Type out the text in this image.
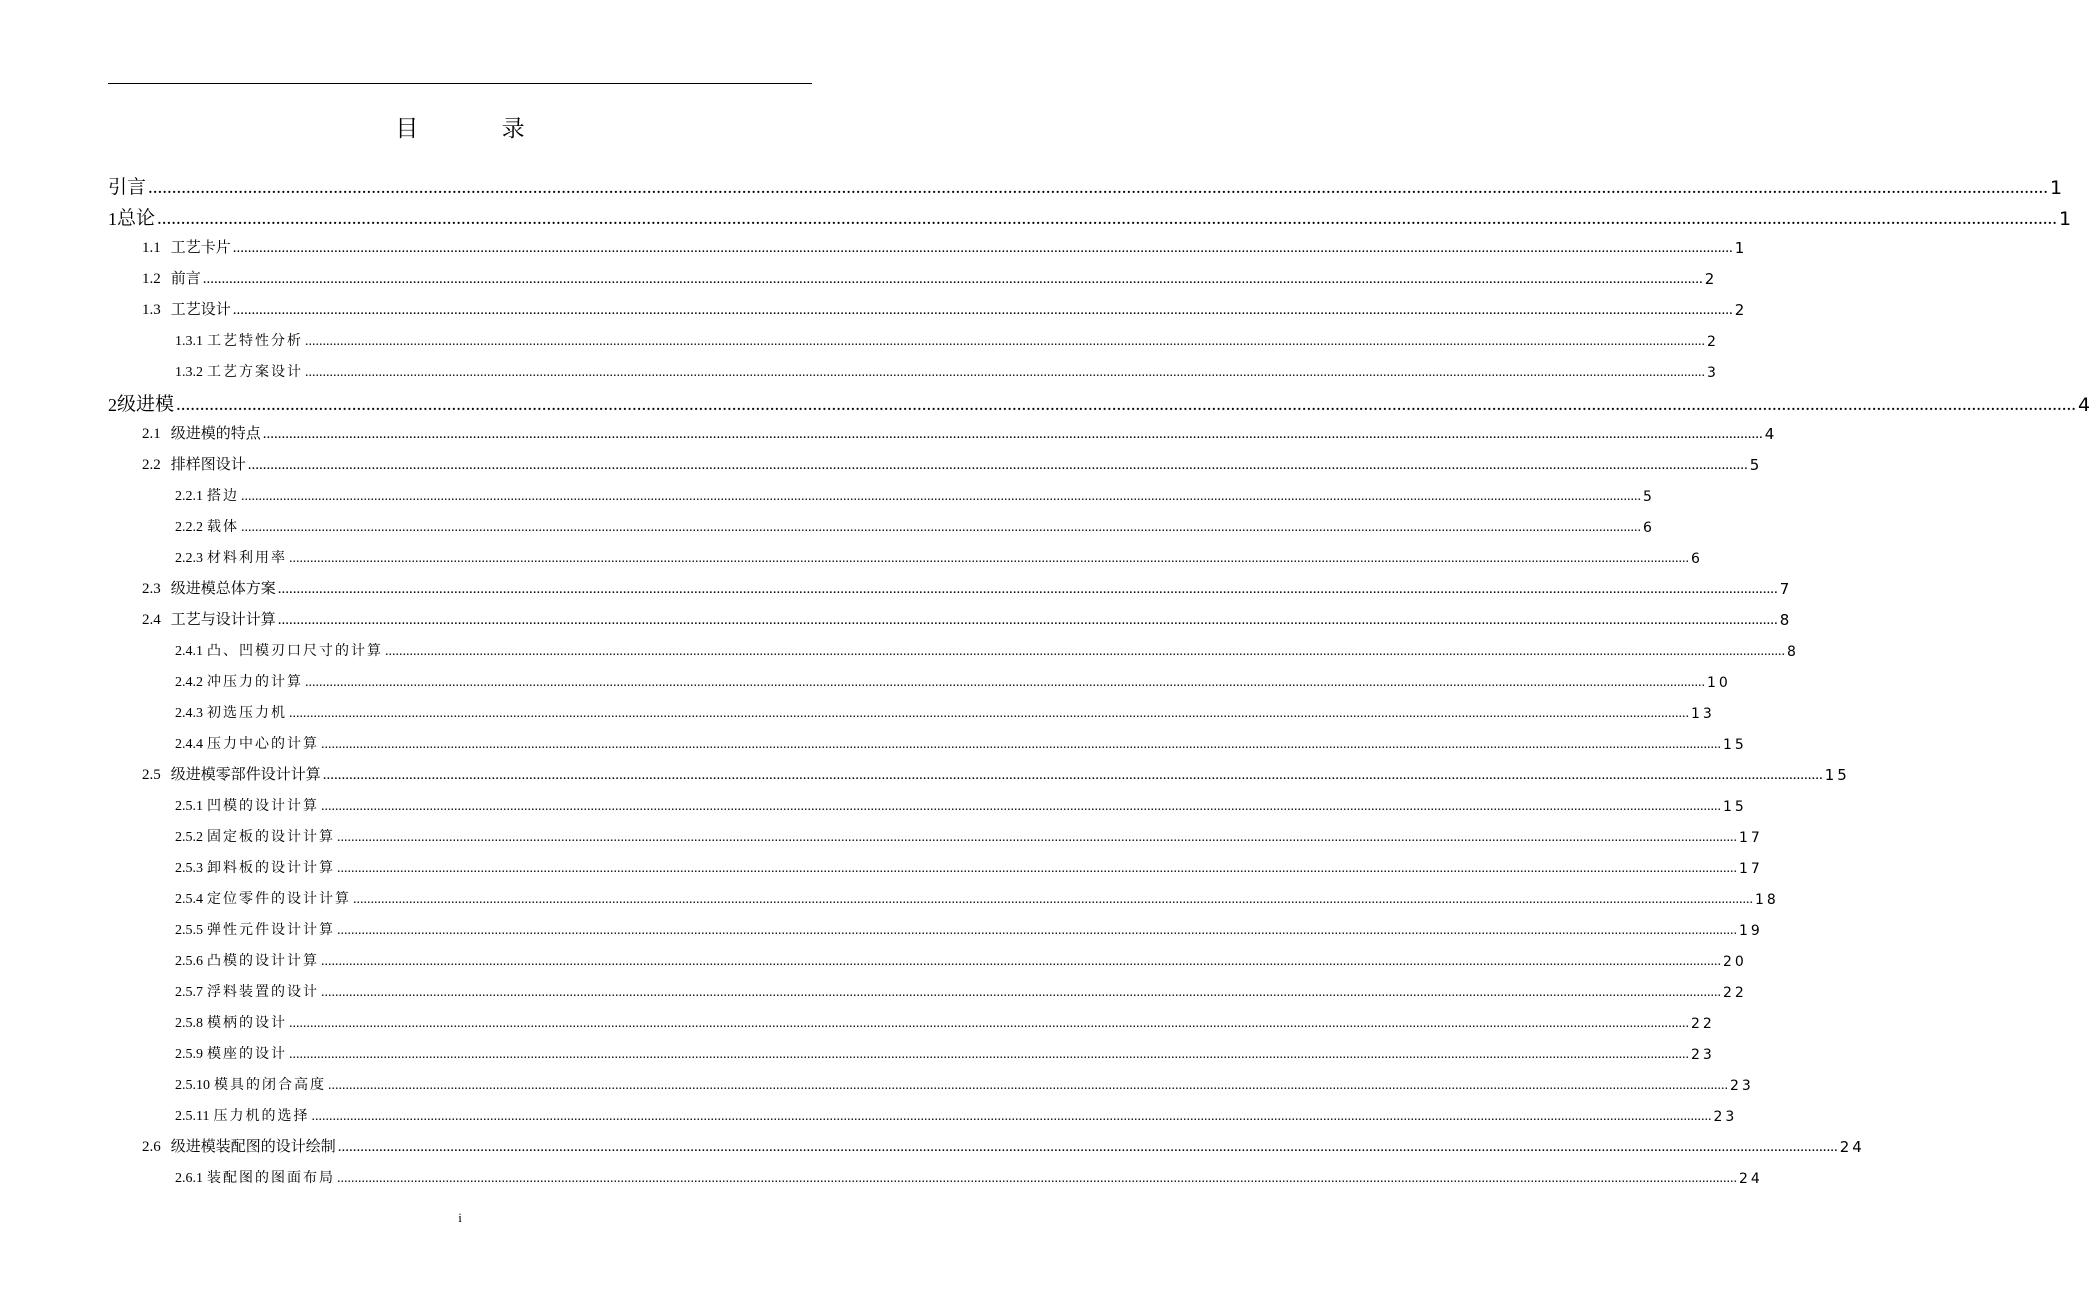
目 录
引言 ................................................................................................................................................................................................................................................................................................................................................................................................................ 1
1 总论 ................................................................................................................................................................................................................................................................................................................................................................................................................ 1
1.1 工艺卡片 ................................................................................................................................................................................................................................................................................................................................................................................................................ 1
1.2 前言 ................................................................................................................................................................................................................................................................................................................................................................................................................ 2
1.3 工艺设计 ................................................................................................................................................................................................................................................................................................................................................................................................................ 2
1.3.1 工艺特性分析 ................................................................................................................................................................................................................................................................................................................................................................................................................ 2
1.3.2 工艺方案设计 ................................................................................................................................................................................................................................................................................................................................................................................................................ 3
2 级进模 ................................................................................................................................................................................................................................................................................................................................................................................................................ 4
2.1 级进模的特点 ................................................................................................................................................................................................................................................................................................................................................................................................................ 4
2.2 排样图设计 ................................................................................................................................................................................................................................................................................................................................................................................................................ 5
2.2.1 搭边 ................................................................................................................................................................................................................................................................................................................................................................................................................ 5
2.2.2 载体 ................................................................................................................................................................................................................................................................................................................................................................................................................ 6
2.2.3 材料利用率 ................................................................................................................................................................................................................................................................................................................................................................................................................ 6
2.3 级进模总体方案 ................................................................................................................................................................................................................................................................................................................................................................................................................ 7
2.4 工艺与设计计算 ................................................................................................................................................................................................................................................................................................................................................................................................................ 8
2.4.1 凸、凹模刃口尺寸的计算 ................................................................................................................................................................................................................................................................................................................................................................................................................ 8
2.4.2 冲压力的计算 ................................................................................................................................................................................................................................................................................................................................................................................................................ 10
2.4.3 初选压力机 ................................................................................................................................................................................................................................................................................................................................................................................................................ 13
2.4.4 压力中心的计算 ................................................................................................................................................................................................................................................................................................................................................................................................................ 15
2.5 级进模零部件设计计算 ................................................................................................................................................................................................................................................................................................................................................................................................................ 15
2.5.1 凹模的设计计算 ................................................................................................................................................................................................................................................................................................................................................................................................................ 15
2.5.2 固定板的设计计算 ................................................................................................................................................................................................................................................................................................................................................................................................................ 17
2.5.3 卸料板的设计计算 ................................................................................................................................................................................................................................................................................................................................................................................................................ 17
2.5.4 定位零件的设计计算 ................................................................................................................................................................................................................................................................................................................................................................................................................ 18
2.5.5 弹性元件设计计算 ................................................................................................................................................................................................................................................................................................................................................................................................................ 19
2.5.6 凸模的设计计算 ................................................................................................................................................................................................................................................................................................................................................................................................................ 20
2.5.7 浮料装置的设计 ................................................................................................................................................................................................................................................................................................................................................................................................................ 22
2.5.8 模柄的设计 ................................................................................................................................................................................................................................................................................................................................................................................................................ 22
2.5.9 模座的设计 ................................................................................................................................................................................................................................................................................................................................................................................................................ 23
2.5.10 模具的闭合高度 ................................................................................................................................................................................................................................................................................................................................................................................................................ 23
2.5.11 压力机的选择 ................................................................................................................................................................................................................................................................................................................................................................................................................ 23
2.6 级进模装配图的设计绘制 ................................................................................................................................................................................................................................................................................................................................................................................................................ 24
2.6.1 装配图的图面布局 ................................................................................................................................................................................................................................................................................................................................................................................................................ 24
i
